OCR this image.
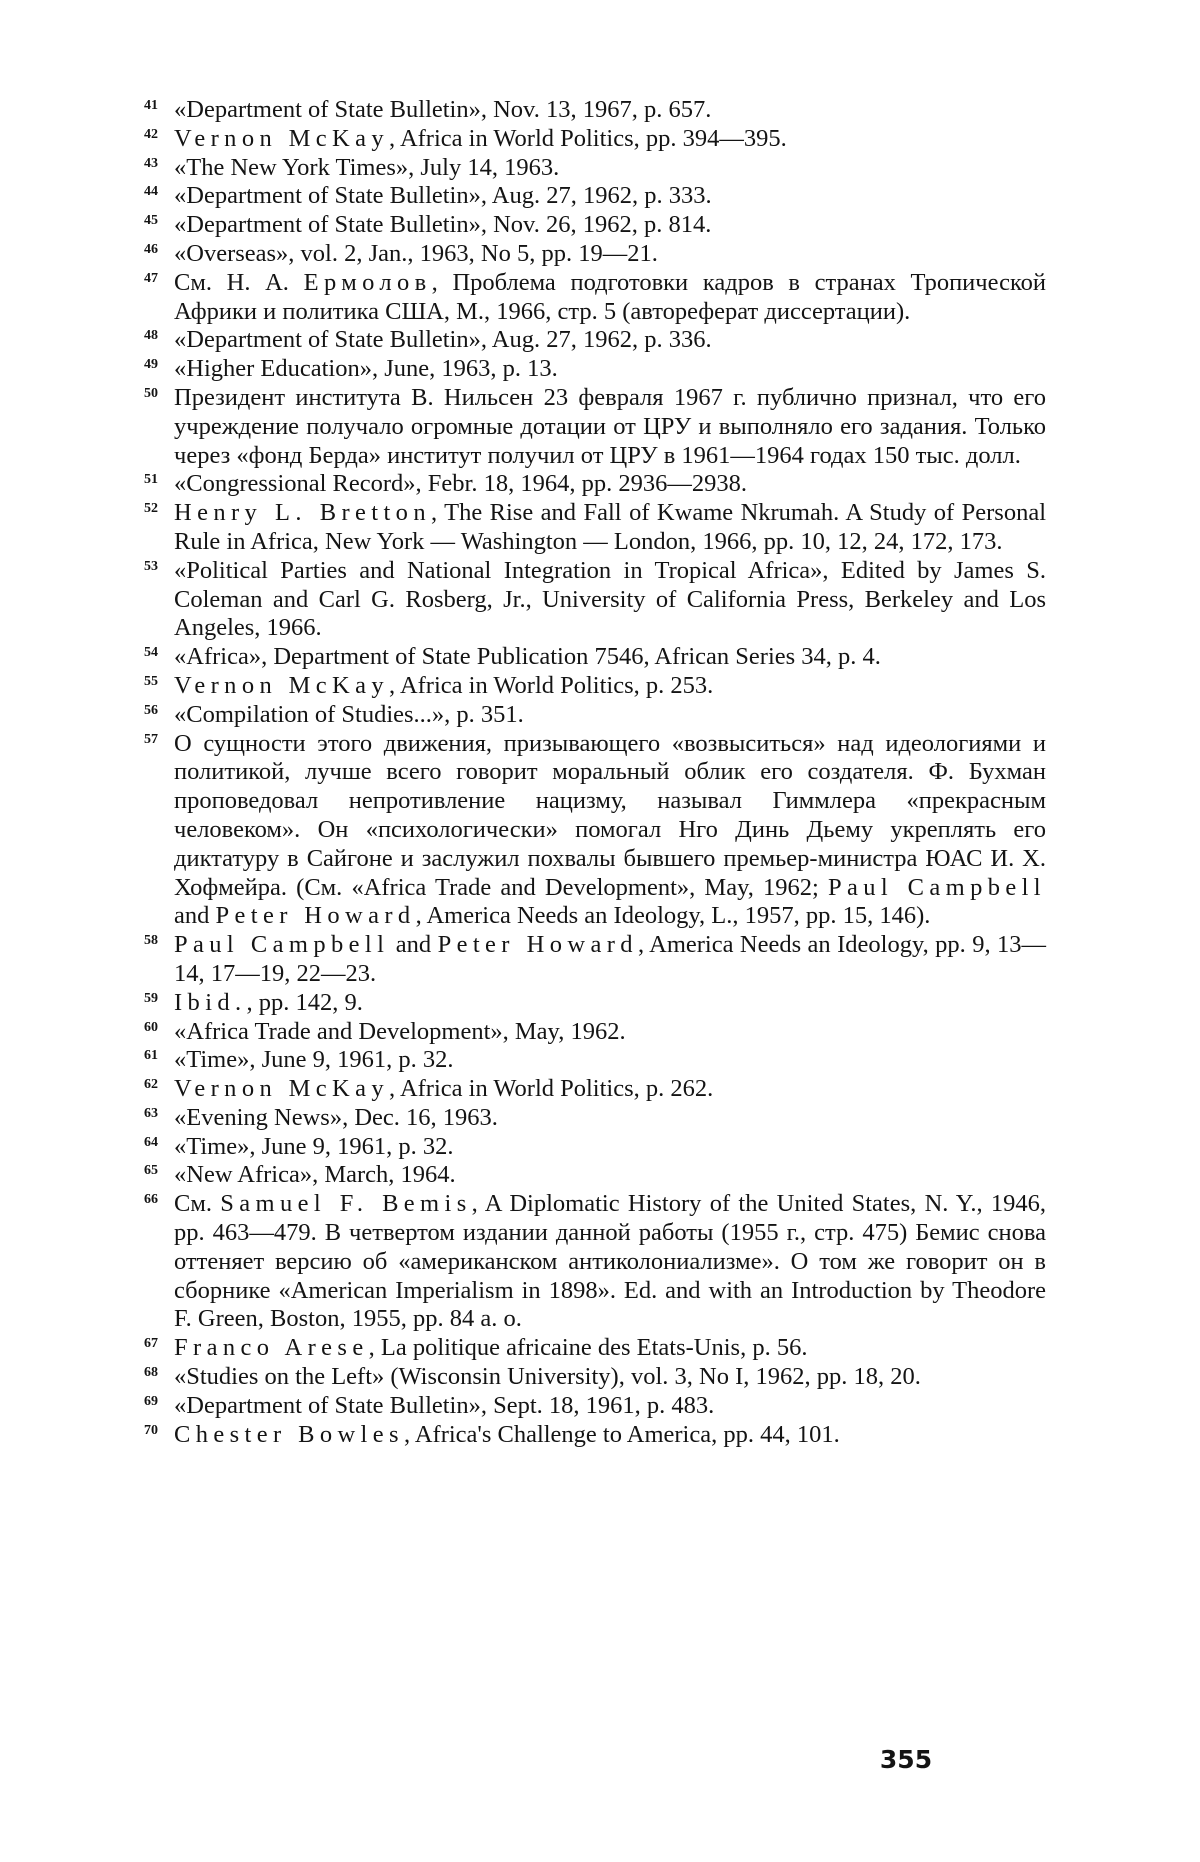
41 «Department of State Bulletin», Nov. 13, 1967, p. 657.
42 Vernon McKay, Africa in World Politics, pp. 394—395.
43 «The New York Times», July 14, 1963.
44 «Department of State Bulletin», Aug. 27, 1962, p. 333.
45 «Department of State Bulletin», Nov. 26, 1962, p. 814.
46 «Overseas», vol. 2, Jan., 1963, No 5, pp. 19—21.
47 См. Н. А. Ермолов, Проблема подготовки кадров в странах Тропической Африки и политика США, М., 1966, стр. 5 (автореферат диссертации).
48 «Department of State Bulletin», Aug. 27, 1962, p. 336.
49 «Higher Education», June, 1963, p. 13.
50 Президент института В. Нильсен 23 февраля 1967 г. публично признал, что его учреждение получало огромные дотации от ЦРУ и выполняло его задания. Только через «фонд Берда» институт получил от ЦРУ в 1961—1964 годах 150 тыс. долл.
51 «Congressional Record», Febr. 18, 1964, pp. 2936—2938.
52 Henry L. Bretton, The Rise and Fall of Kwame Nkrumah. A Study of Personal Rule in Africa, New York — Washington — London, 1966, pp. 10, 12, 24, 172, 173.
53 «Political Parties and National Integration in Tropical Africa», Edited by James S. Coleman and Carl G. Rosberg, Jr., University of California Press, Berkeley and Los Angeles, 1966.
54 «Africa», Department of State Publication 7546, African Series 34, p. 4.
55 Vernon McKay, Africa in World Politics, p. 253.
56 «Compilation of Studies...», p. 351.
57 О сущности этого движения, призывающего «возвыситься» над идеологиями и политикой, лучше всего говорит моральный облик его создателя. Ф. Бухман проповедовал непротивление нацизму, называл Гиммлера «прекрасным человеком». Он «психологически» помогал Нго Динь Дьему укреплять его диктатуру в Сайгоне и заслужил похвалы бывшего премьер-министра ЮАС И. Х. Хофмейра. (См. «Africa Trade and Development», May, 1962; Paul Campbell and Peter Howard, America Needs an Ideology, L., 1957, pp. 15, 146).
58 Paul Campbell and Peter Howard, America Needs an Ideology, pp. 9, 13—14, 17—19, 22—23.
59 Ibid., pp. 142, 9.
60 «Africa Trade and Development», May, 1962.
61 «Time», June 9, 1961, p. 32.
62 Vernon McKay, Africa in World Politics, p. 262.
63 «Evening News», Dec. 16, 1963.
64 «Time», June 9, 1961, p. 32.
65 «New Africa», March, 1964.
66 См. Samuel F. Bemis, A Diplomatic History of the United States, N. Y., 1946, pp. 463—479. В четвертом издании данной работы (1955 г., стр. 475) Бемис снова оттеняет версию об «американском антиколониализме». О том же говорит он в сборнике «American Imperialism in 1898». Ed. and with an Introduction by Theodore F. Green, Boston, 1955, pp. 84 a. o.
67 Franco Arese, La politique africaine des Etats-Unis, p. 56.
68 «Studies on the Left» (Wisconsin University), vol. 3, No I, 1962, pp. 18, 20.
69 «Department of State Bulletin», Sept. 18, 1961, p. 483.
70 Chester Bowles, Africa's Challenge to America, pp. 44, 101.
355
